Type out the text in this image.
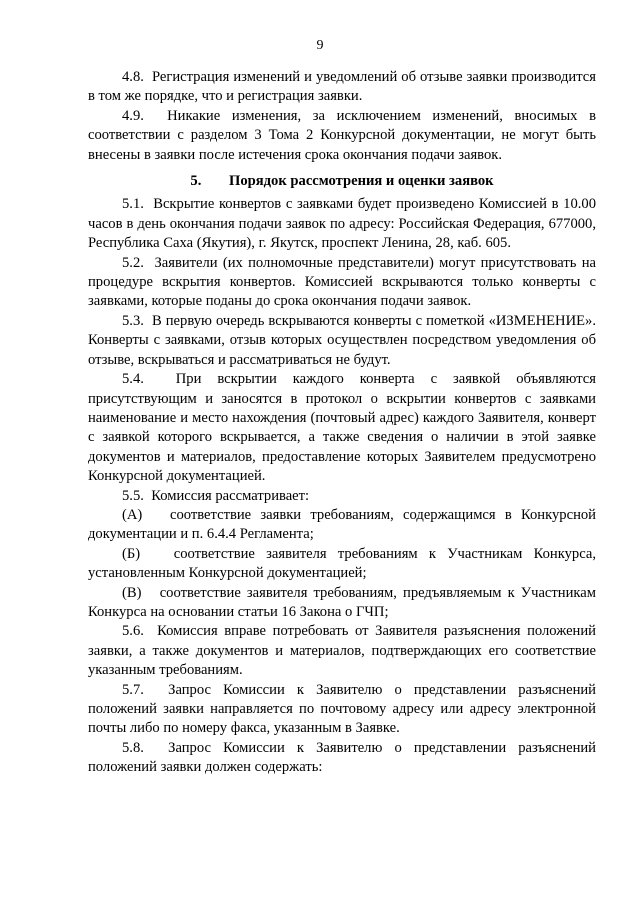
9

4.8.  Регистрация изменений и уведомлений об отзыве заявки производится в том же порядке, что и регистрация заявки.

4.9.  Никакие изменения, за исключением изменений, вносимых в соответствии с разделом 3 Тома 2 Конкурсной документации, не могут быть внесены в заявки после истечения срока окончания подачи заявок.

5. Порядок рассмотрения и оценки заявок

5.1.  Вскрытие конвертов с заявками будет произведено Комиссией в 10.00 часов в день окончания подачи заявок по адресу: Российская Федерация, 677000, Республика Саха (Якутия), г. Якутск, проспект Ленина, 28, каб. 605.

5.2.  Заявители (их полномочные представители) могут присутствовать на процедуре вскрытия конвертов. Комиссией вскрываются только конверты с заявками, которые поданы до срока окончания подачи заявок.

5.3.  В первую очередь вскрываются конверты с пометкой «ИЗМЕНЕНИЕ». Конверты с заявками, отзыв которых осуществлен посредством уведомления об отзыве, вскрываться и рассматриваться не будут.

5.4.  При вскрытии каждого конверта с заявкой объявляются присутствующим и заносятся в протокол о вскрытии конвертов с заявками наименование и место нахождения (почтовый адрес) каждого Заявителя, конверт с заявкой которого вскрывается, а также сведения о наличии в этой заявке документов и материалов, предоставление которых Заявителем предусмотрено Конкурсной документацией.

5.5.  Комиссия рассматривает:

(А)   соответствие заявки требованиям, содержащимся в Конкурсной документации и п. 6.4.4 Регламента;

(Б)   соответствие заявителя требованиям к Участникам Конкурса, установленным Конкурсной документацией;

(В)   соответствие заявителя требованиям, предъявляемым к Участникам Конкурса на основании статьи 16 Закона о ГЧП;

5.6.  Комиссия вправе потребовать от Заявителя разъяснения положений заявки, а также документов и материалов, подтверждающих его соответствие указанным требованиям.

5.7.  Запрос Комиссии к Заявителю о представлении разъяснений положений заявки направляется по почтовому адресу или адресу электронной почты либо по номеру факса, указанным в Заявке.

5.8.  Запрос Комиссии к Заявителю о представлении разъяснений положений заявки должен содержать:
